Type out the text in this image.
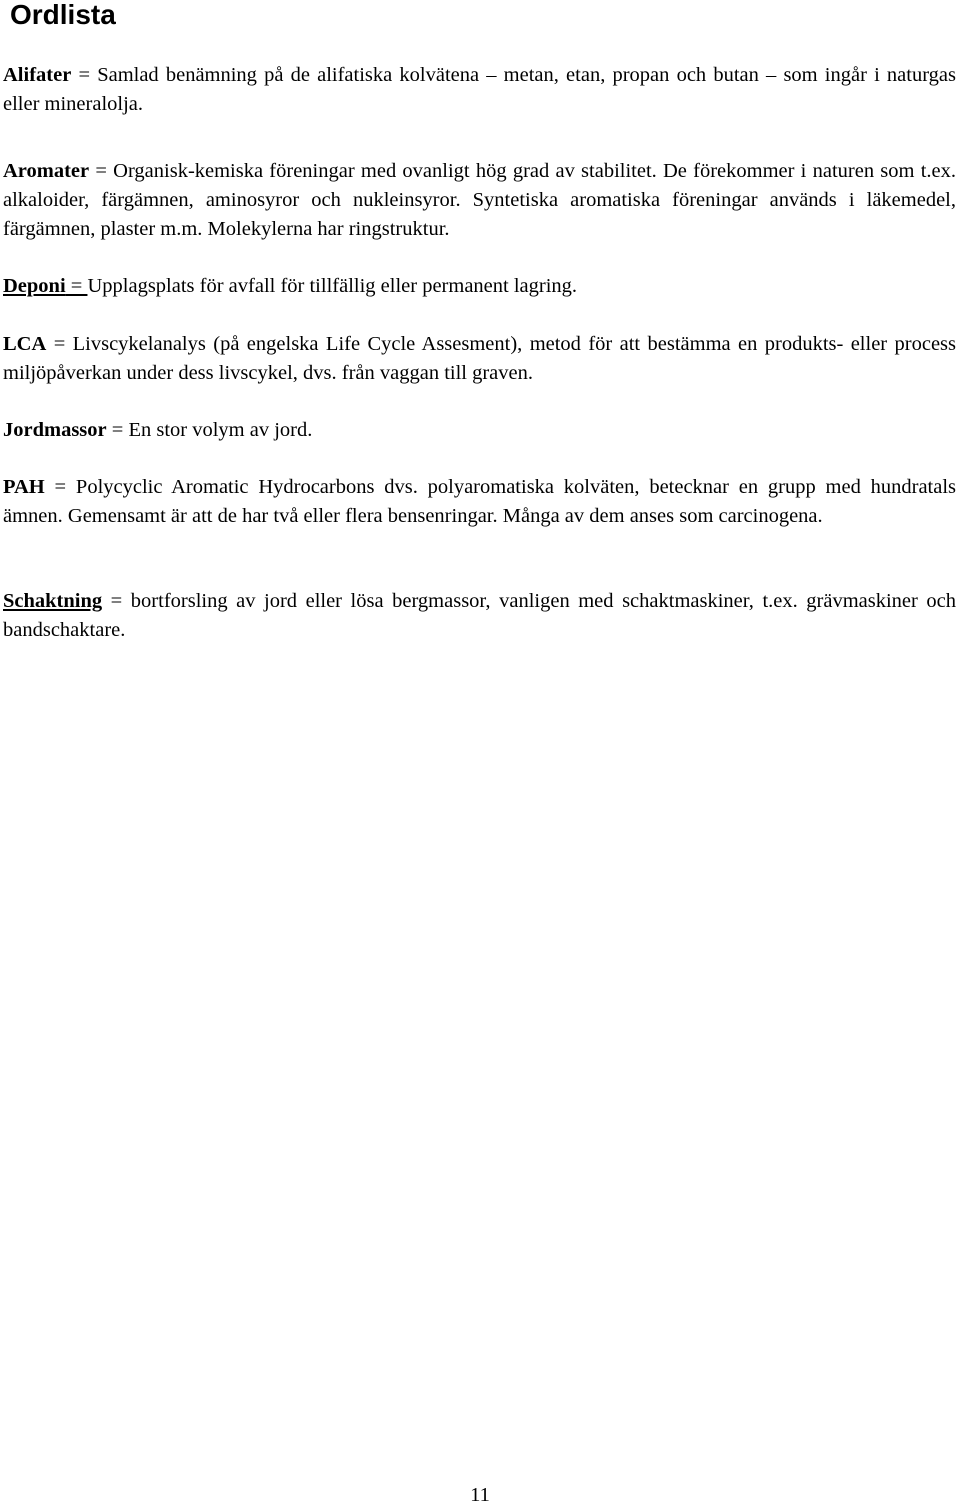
Ordlista

Alifater = Samlad benämning på de alifatiska kolvätena – metan, etan, propan och butan – som ingår i naturgas eller mineralolja.

Aromater = Organisk-kemiska föreningar med ovanligt hög grad av stabilitet. De förekommer i naturen som t.ex. alkaloider, färgämnen, aminosyror och nukleinsyror. Syntetiska aromatiska föreningar används i läkemedel, färgämnen, plaster m.m. Molekylerna har ringstruktur.

Deponi = Upplagsplats för avfall för tillfällig eller permanent lagring.

LCA = Livscykelanalys (på engelska Life Cycle Assesment), metod för att bestämma en produkts- eller process miljöpåverkan under dess livscykel, dvs. från vaggan till graven.

Jordmassor = En stor volym av jord.

PAH = Polycyclic Aromatic Hydrocarbons dvs. polyaromatiska kolväten, betecknar en grupp med hundratals ämnen. Gemensamt är att de har två eller flera bensenringar. Många av dem anses som carcinogena.

Schaktning = bortforsling av jord eller lösa bergmassor, vanligen med schaktmaskiner, t.ex. grävmaskiner och bandschaktare.

11
